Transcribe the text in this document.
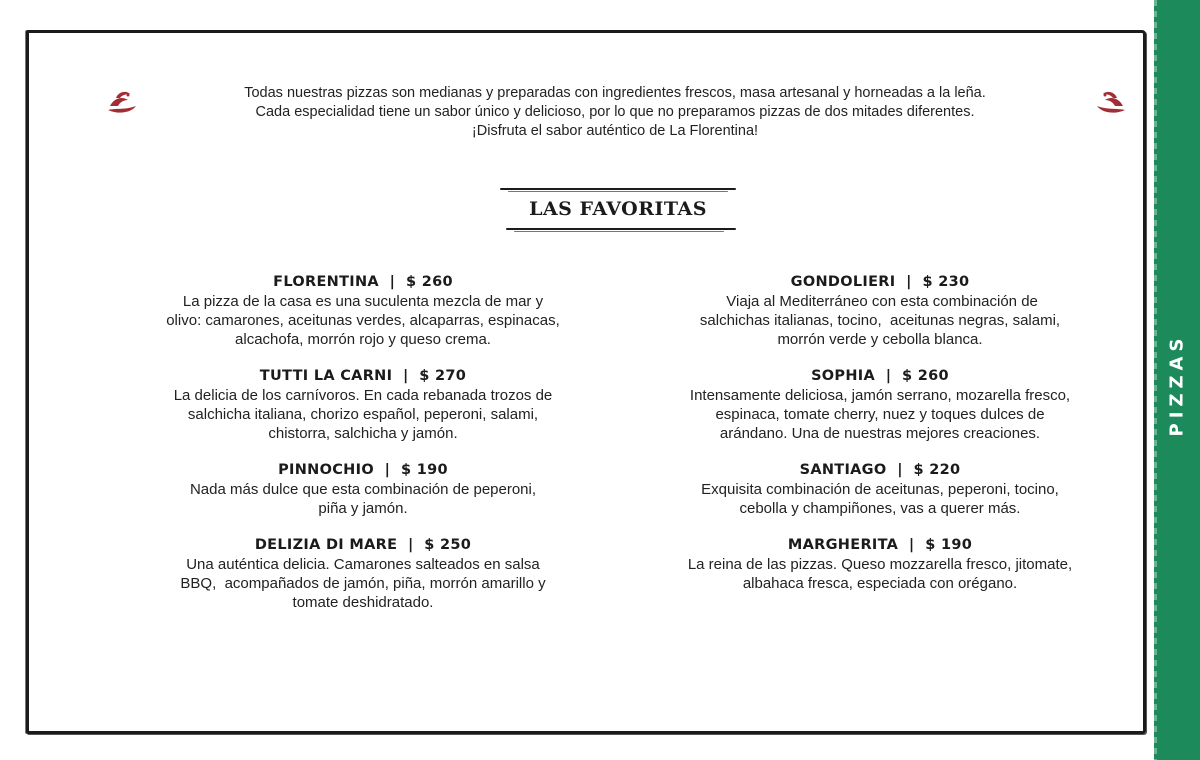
PIZZAS
Todas nuestras pizzas son medianas y preparadas con ingredientes frescos, masa artesanal y horneadas a la leña.
Cada especialidad tiene un sabor único y delicioso, por lo que no preparamos pizzas de dos mitades diferentes.
¡Disfruta el sabor auténtico de La Florentina!
LAS FAVORITAS
FLORENTINA  |  $ 260
La pizza de la casa es una suculenta mezcla de mar y
olivo: camarones, aceitunas verdes, alcaparras, espinacas,
alcachofa, morrón rojo y queso crema.
TUTTI LA CARNI  |  $ 270
La delicia de los carnívoros. En cada rebanada trozos de
salchicha italiana, chorizo español, peperoni, salami,
chistorra, salchicha y jamón.
PINNOCHIO  |  $ 190
Nada más dulce que esta combinación de peperoni,
piña y jamón.
DELIZIA DI MARE  |  $ 250
Una auténtica delicia. Camarones salteados en salsa
BBQ,  acompañados de jamón, piña, morrón amarillo y
tomate deshidratado.
GONDOLIERI  |  $ 230
Viaja al Mediterráneo con esta combinación de
salchichas italianas, tocino,  aceitunas negras, salami,
morrón verde y cebolla blanca.
SOPHIA  |  $ 260
Intensamente deliciosa, jamón serrano, mozarella fresco,
espinaca, tomate cherry, nuez y toques dulces de
arándano. Una de nuestras mejores creaciones.
SANTIAGO  |  $ 220
Exquisita combinación de aceitunas, peperoni, tocino,
cebolla y champiñones, vas a querer más.
MARGHERITA  |  $ 190
La reina de las pizzas. Queso mozzarella fresco, jitomate,
albahaca fresca, especiada con orégano.
